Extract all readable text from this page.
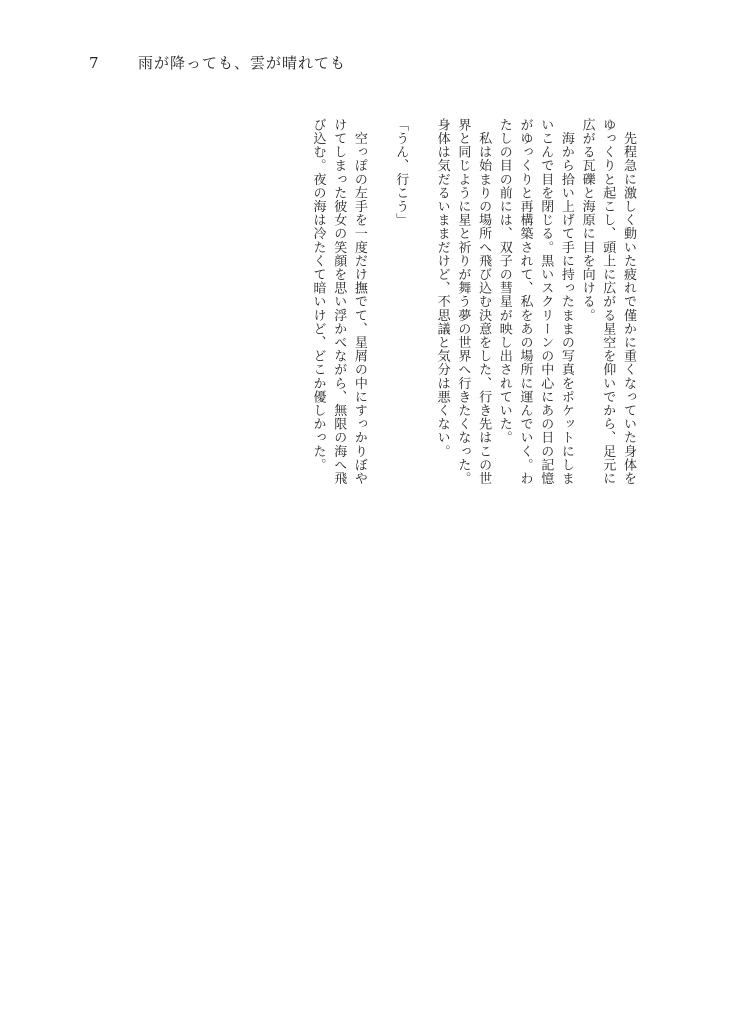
7	雨が降っても、雲が晴れても

　先程急に激しく動いた疲れで僅かに重くなっていた身体を
ゆっくりと起こし、頭上に広がる星空を仰いでから、足元に
広がる瓦礫と海原に目を向ける。

　海から拾い上げて手に持ったままの写真をポケットにしま
いこんで目を閉じる。黒いスクリーンの中心にあの日の記憶
がゆっくりと再構築されて、私をあの場所に運んでいく。わ
たしの目の前には、双子の彗星が映し出されていた。

　私は始まりの場所へ飛び込む決意をした、行き先はこの世
界と同じように星と祈りが舞う夢の世界へ行きたくなった。
身体は気だるいままだけど、不思議と気分は悪くない。

「うん、行こう」

　空っぽの左手を一度だけ撫でて、星屑の中にすっかりぼや
けてしまった彼女の笑顔を思い浮かべながら、無限の海へ飛
び込む。夜の海は冷たくて暗いけど、どこか優しかった。
